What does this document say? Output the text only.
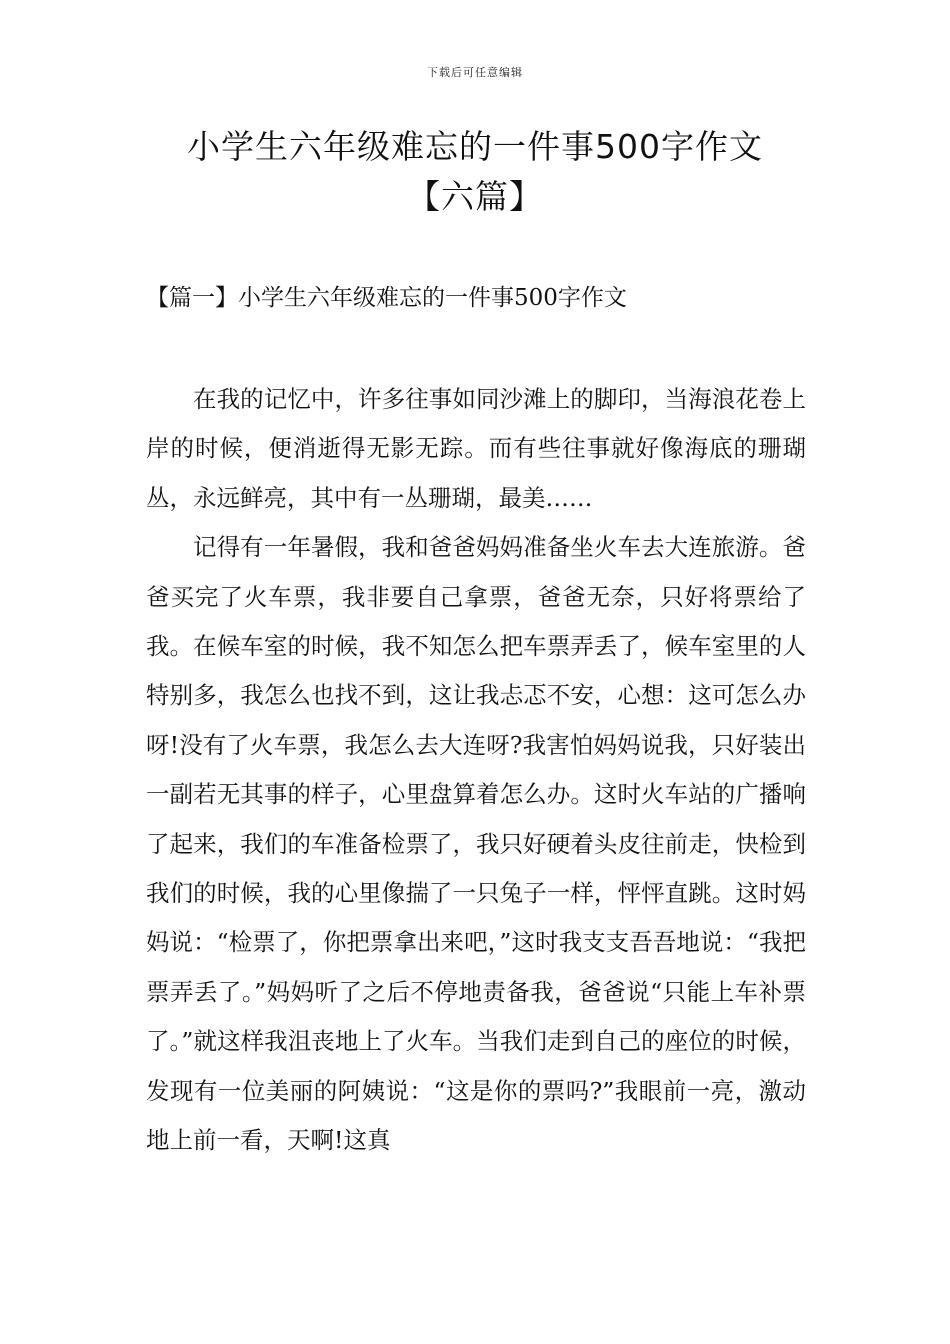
下载后可任意编辑
小学生六年级难忘的一件事500字作文
【六篇】
【篇一】小学生六年级难忘的一件事500字作文

在我的记忆中，许多往事如同沙滩上的脚印，当海浪花卷上岸的时候，便消逝得无影无踪。而有些往事就好像海底的珊瑚丛，永远鲜亮，其中有一丛珊瑚，最美……

记得有一年暑假，我和爸爸妈妈准备坐火车去大连旅游。爸爸买完了火车票，我非要自己拿票，爸爸无奈，只好将票给了我。在候车室的时候，我不知怎么把车票弄丢了，候车室里的人特别多，我怎么也找不到，这让我忐忑不安，心想：这可怎么办呀!没有了火车票，我怎么去大连呀?我害怕妈妈说我，只好装出一副若无其事的样子，心里盘算着怎么办。这时火车站的广播响了起来，我们的车准备检票了，我只好硬着头皮往前走，快检到我们的时候，我的心里像揣了一只兔子一样，怦怦直跳。这时妈妈说：“检票了，你把票拿出来吧，”这时我支支吾吾地说：“我把票弄丢了。”妈妈听了之后不停地责备我，爸爸说“只能上车补票了。”就这样我沮丧地上了火车。当我们走到自己的座位的时候，发现有一位美丽的阿姨说：“这是你的票吗?”我眼前一亮，激动地上前一看，天啊!这真
